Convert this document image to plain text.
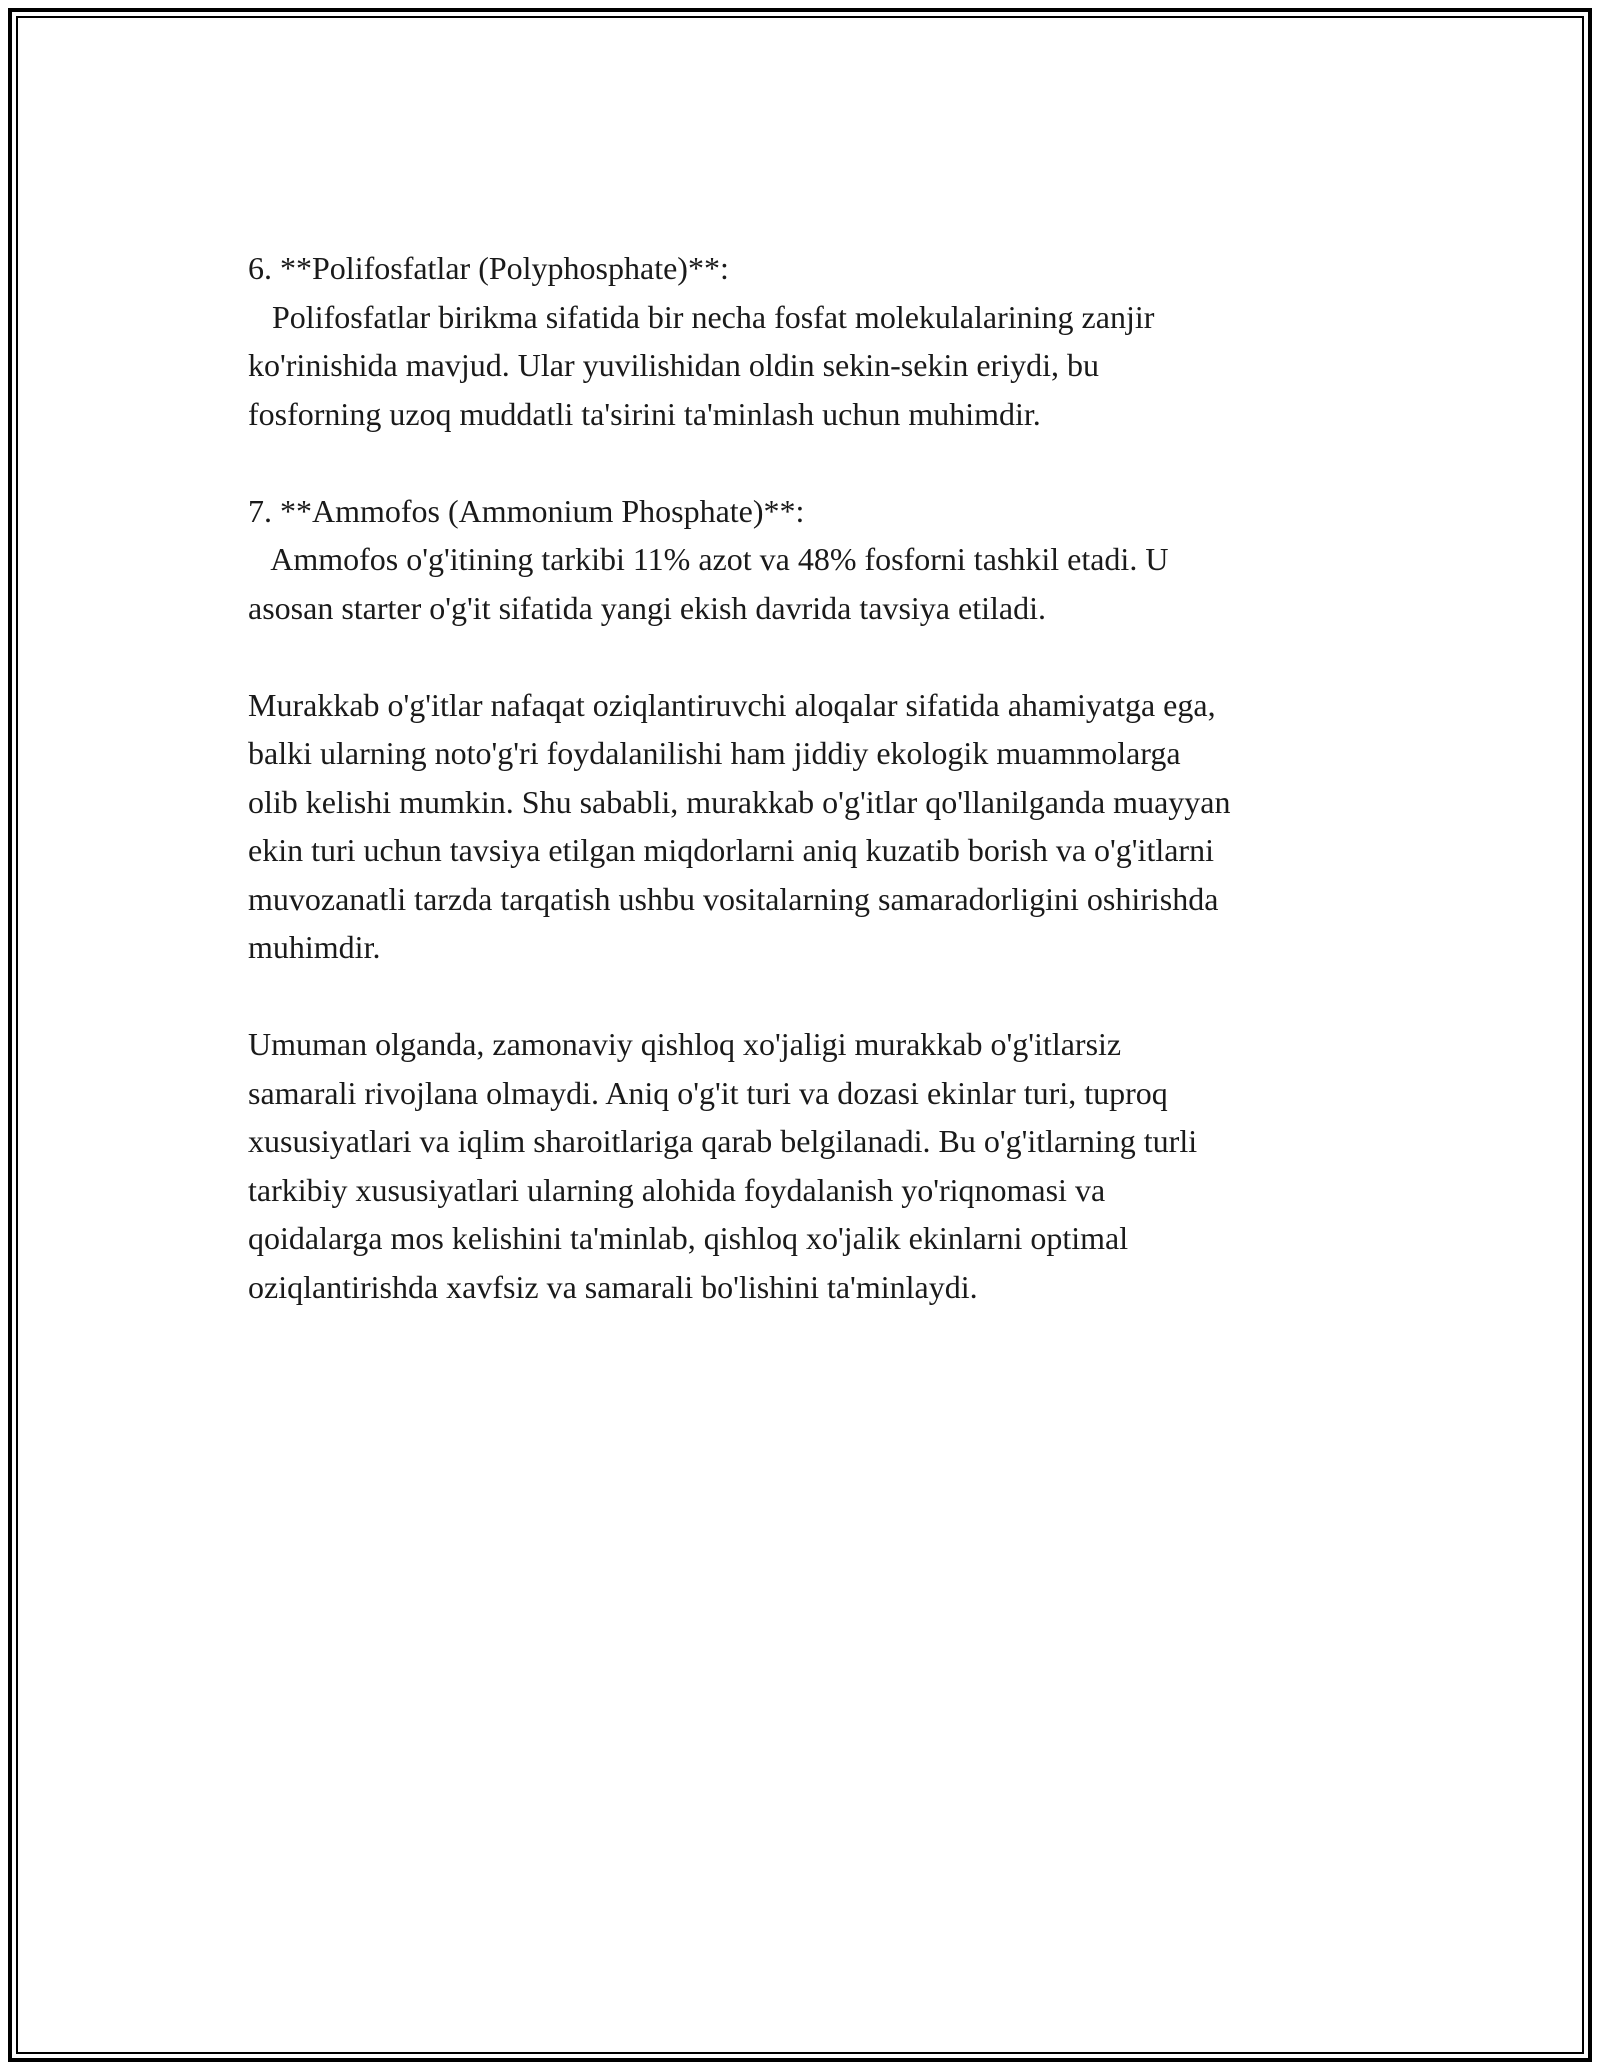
6. **Polifosfatlar (Polyphosphate)**:
Polifosfatlar birikma sifatida bir necha fosfat molekulalarining zanjir
ko'rinishida mavjud. Ular yuvilishidan oldin sekin-sekin eriydi, bu
fosforning uzoq muddatli ta'sirini ta'minlash uchun muhimdir.
7. **Ammofos (Ammonium Phosphate)**:
Ammofos o'g'itining tarkibi 11% azot va 48% fosforni tashkil etadi. U
asosan starter o'g'it sifatida yangi ekish davrida tavsiya etiladi.
Murakkab o'g'itlar nafaqat oziqlantiruvchi aloqalar sifatida ahamiyatga ega,
balki ularning noto'g'ri foydalanilishi ham jiddiy ekologik muammolarga
olib kelishi mumkin. Shu sababli, murakkab o'g'itlar qo'llanilganda muayyan
ekin turi uchun tavsiya etilgan miqdorlarni aniq kuzatib borish va o'g'itlarni
muvozanatli tarzda tarqatish ushbu vositalarning samaradorligini oshirishda
muhimdir.
Umuman olganda, zamonaviy qishloq xo'jaligi murakkab o'g'itlarsiz
samarali rivojlana olmaydi. Aniq o'g'it turi va dozasi ekinlar turi, tuproq
xususiyatlari va iqlim sharoitlariga qarab belgilanadi. Bu o'g'itlarning turli
tarkibiy xususiyatlari ularning alohida foydalanish yo'riqnomasi va
qoidalarga mos kelishini ta'minlab, qishloq xo'jalik ekinlarni optimal
oziqlantirishda xavfsiz va samarali bo'lishini ta'minlaydi.
